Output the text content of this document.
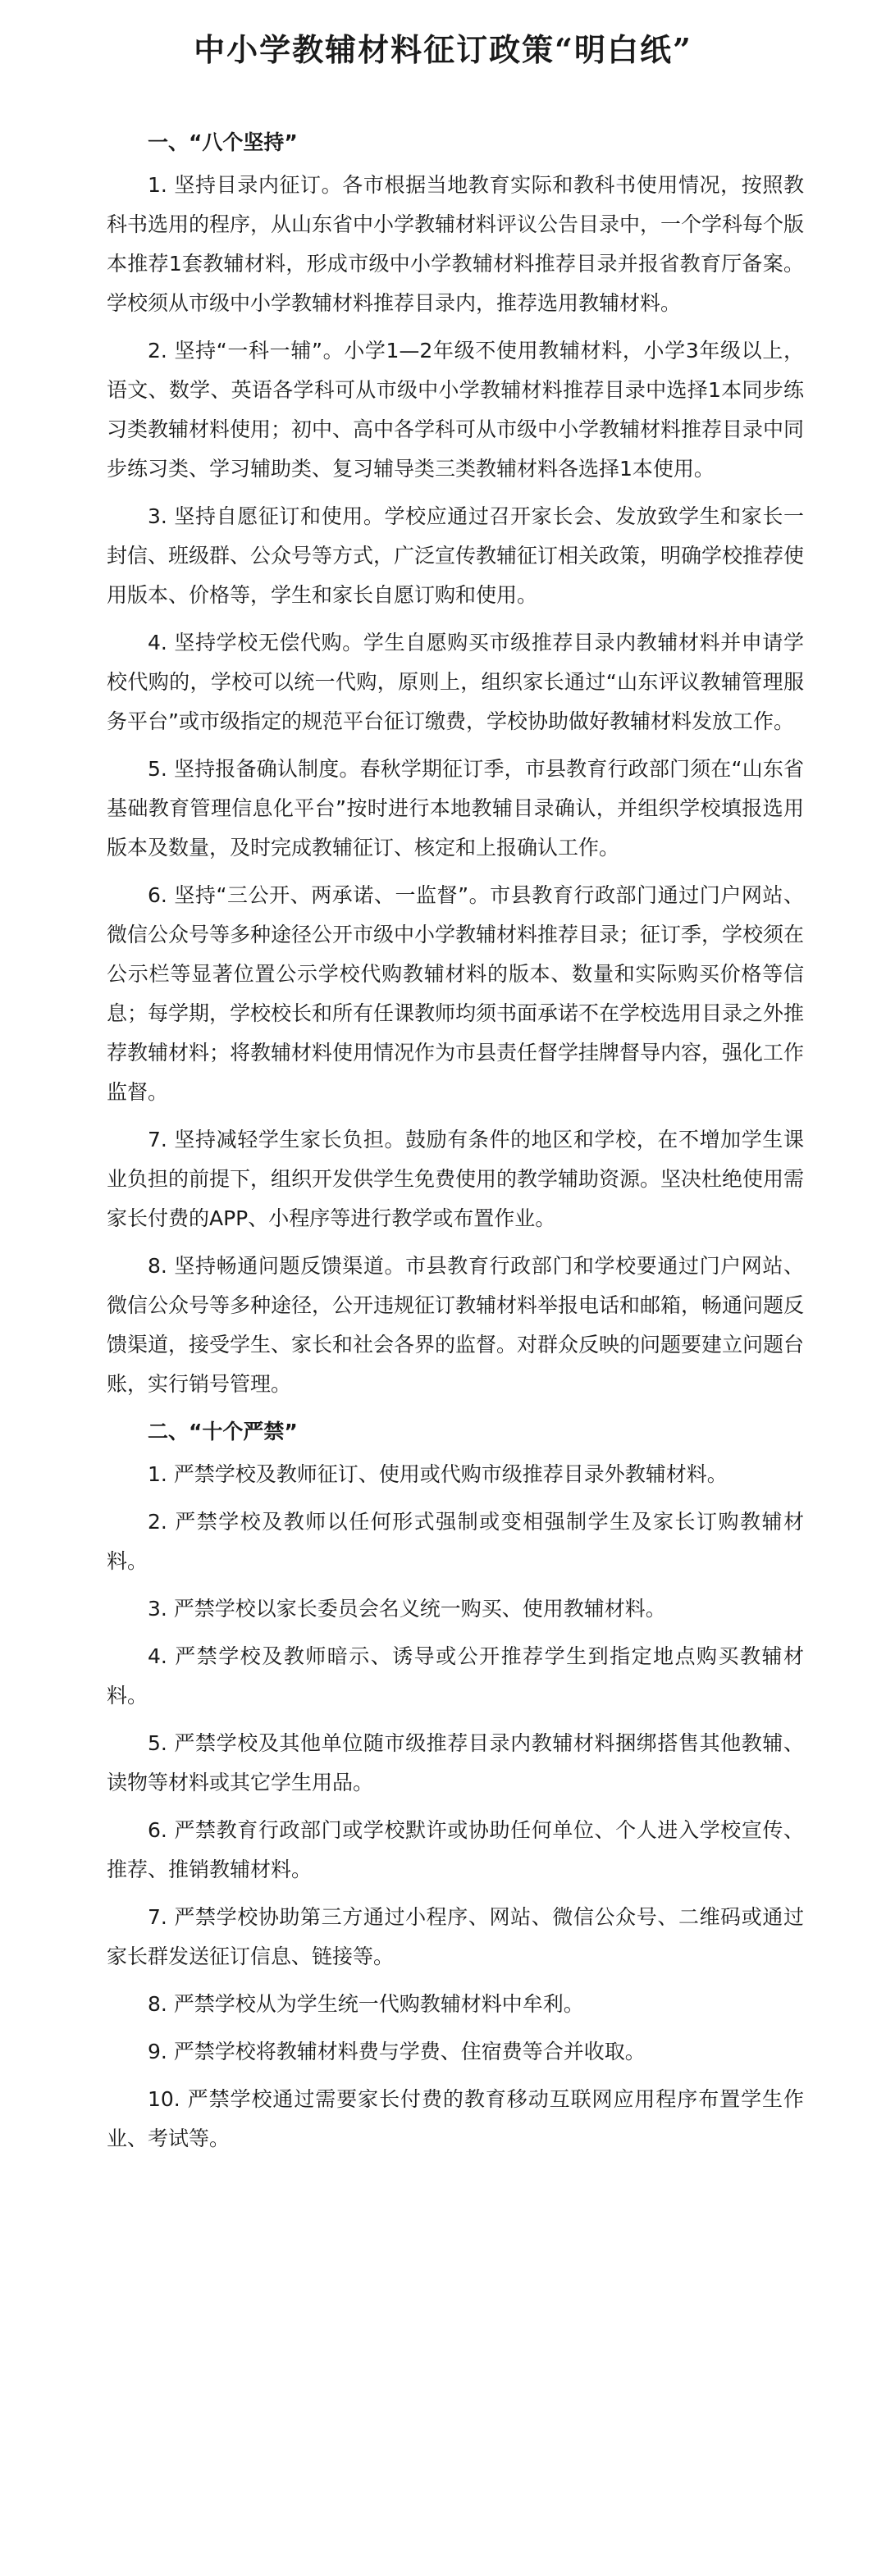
中小学教辅材料征订政策“明白纸”

一、“八个坚持”

1. 坚持目录内征订。各市根据当地教育实际和教科书使用情况，按照教科书选用的程序，从山东省中小学教辅材料评议公告目录中，一个学科每个版本推荐1套教辅材料，形成市级中小学教辅材料推荐目录并报省教育厅备案。学校须从市级中小学教辅材料推荐目录内，推荐选用教辅材料。

2. 坚持“一科一辅”。小学1—2年级不使用教辅材料，小学3年级以上，语文、数学、英语各学科可从市级中小学教辅材料推荐目录中选择1本同步练习类教辅材料使用；初中、高中各学科可从市级中小学教辅材料推荐目录中同步练习类、学习辅助类、复习辅导类三类教辅材料各选择1本使用。

3. 坚持自愿征订和使用。学校应通过召开家长会、发放致学生和家长一封信、班级群、公众号等方式，广泛宣传教辅征订相关政策，明确学校推荐使用版本、价格等，学生和家长自愿订购和使用。

4. 坚持学校无偿代购。学生自愿购买市级推荐目录内教辅材料并申请学校代购的，学校可以统一代购，原则上，组织家长通过“山东评议教辅管理服务平台”或市级指定的规范平台征订缴费，学校协助做好教辅材料发放工作。

5. 坚持报备确认制度。春秋学期征订季，市县教育行政部门须在“山东省基础教育管理信息化平台”按时进行本地教辅目录确认，并组织学校填报选用版本及数量，及时完成教辅征订、核定和上报确认工作。

6. 坚持“三公开、两承诺、一监督”。市县教育行政部门通过门户网站、微信公众号等多种途径公开市级中小学教辅材料推荐目录；征订季，学校须在公示栏等显著位置公示学校代购教辅材料的版本、数量和实际购买价格等信息；每学期，学校校长和所有任课教师均须书面承诺不在学校选用目录之外推荐教辅材料；将教辅材料使用情况作为市县责任督学挂牌督导内容，强化工作监督。

7. 坚持减轻学生家长负担。鼓励有条件的地区和学校，在不增加学生课业负担的前提下，组织开发供学生免费使用的教学辅助资源。坚决杜绝使用需家长付费的APP、小程序等进行教学或布置作业。

8. 坚持畅通问题反馈渠道。市县教育行政部门和学校要通过门户网站、微信公众号等多种途径，公开违规征订教辅材料举报电话和邮箱，畅通问题反馈渠道，接受学生、家长和社会各界的监督。对群众反映的问题要建立问题台账，实行销号管理。

二、“十个严禁”

1. 严禁学校及教师征订、使用或代购市级推荐目录外教辅材料。

2. 严禁学校及教师以任何形式强制或变相强制学生及家长订购教辅材料。

3. 严禁学校以家长委员会名义统一购买、使用教辅材料。

4. 严禁学校及教师暗示、诱导或公开推荐学生到指定地点购买教辅材料。

5. 严禁学校及其他单位随市级推荐目录内教辅材料捆绑搭售其他教辅、读物等材料或其它学生用品。

6. 严禁教育行政部门或学校默许或协助任何单位、个人进入学校宣传、推荐、推销教辅材料。

7. 严禁学校协助第三方通过小程序、网站、微信公众号、二维码或通过家长群发送征订信息、链接等。

8. 严禁学校从为学生统一代购教辅材料中牟利。

9. 严禁学校将教辅材料费与学费、住宿费等合并收取。

10. 严禁学校通过需要家长付费的教育移动互联网应用程序布置学生作业、考试等。
